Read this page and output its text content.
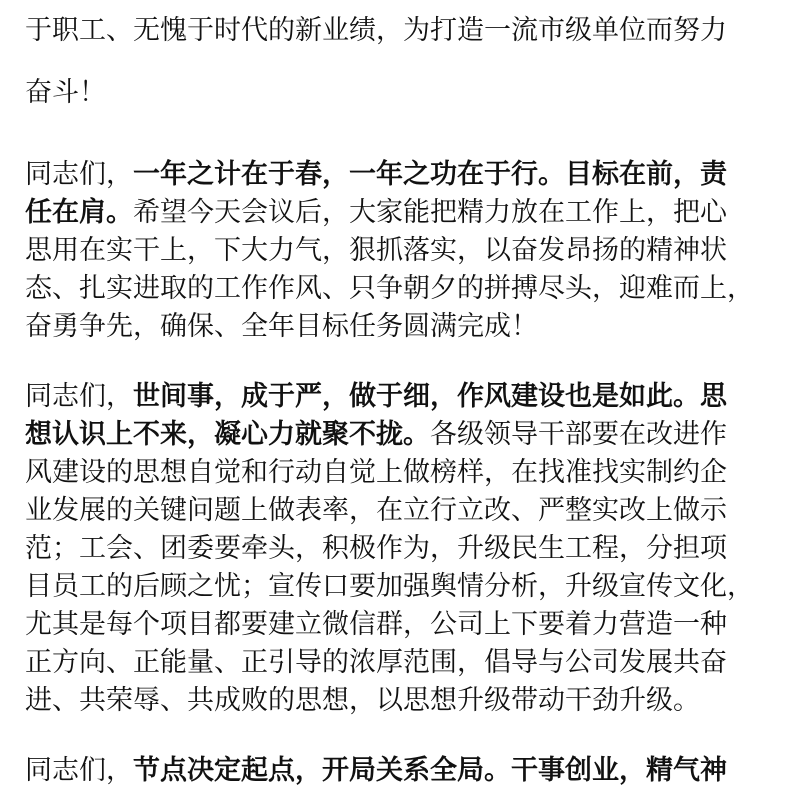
于职工、无愧于时代的新业绩，为打造一流市级单位而努力
奋斗！
同志们，一年之计在于春，一年之功在于行。目标在前，责
任在肩。希望今天会议后，大家能把精力放在工作上，把心
思用在实干上，下大力气，狠抓落实，以奋发昂扬的精神状
态、扎实进取的工作作风、只争朝夕的拼搏尽头，迎难而上，
奋勇争先，确保、全年目标任务圆满完成！
同志们，世间事，成于严，做于细，作风建设也是如此。思
想认识上不来，凝心力就聚不拢。各级领导干部要在改进作
风建设的思想自觉和行动自觉上做榜样，在找准找实制约企
业发展的关键问题上做表率，在立行立改、严整实改上做示
范；工会、团委要牵头，积极作为，升级民生工程，分担项
目员工的后顾之忧；宣传口要加强舆情分析，升级宣传文化，
尤其是每个项目都要建立微信群，公司上下要着力营造一种
正方向、正能量、正引导的浓厚范围，倡导与公司发展共奋
进、共荣辱、共成败的思想，以思想升级带动干劲升级。
同志们，节点决定起点，开局关系全局。干事创业，精气神
